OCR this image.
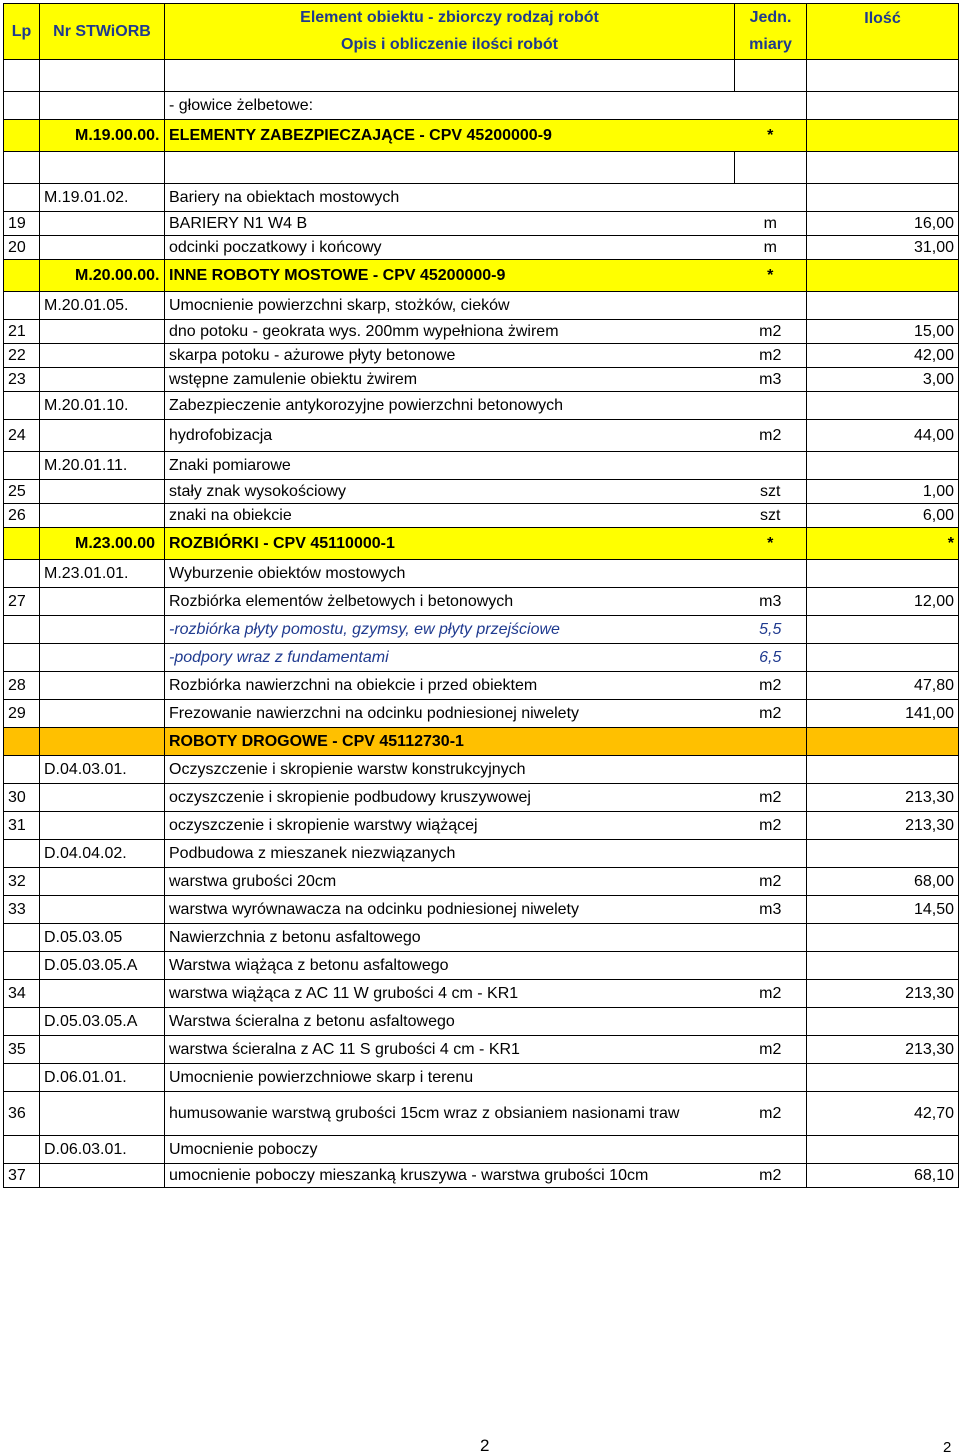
Lp	Nr STWiORB	Element obiektu - zbiorczy rodzaj robót	Jedn.	Ilość
		Opis i obliczenie ilości robót	miary	

		- głowice żelbetowe:		
	M.19.00.00.	ELEMENTY ZABEZPIECZAJĄCE - CPV 45200000-9	*	

	M.19.01.02.	Bariery na obiektach mostowych		
19		BARIERY N1 W4 B	m	16,00
20		odcinki poczatkowy i końcowy	m	31,00
	M.20.00.00.	INNE ROBOTY MOSTOWE - CPV 45200000-9	*	
	M.20.01.05.	Umocnienie powierzchni skarp, stożków, cieków		
21		dno potoku - geokrata wys. 200mm wypełniona żwirem	m2	15,00
22		skarpa potoku - ażurowe płyty betonowe	m2	42,00
23		wstępne zamulenie obiektu żwirem	m3	3,00
	M.20.01.10.	Zabezpieczenie antykorozyjne powierzchni betonowych		
24		hydrofobizacja	m2	44,00
	M.20.01.11.	Znaki pomiarowe		
25		stały znak wysokościowy	szt	1,00
26		znaki na obiekcie	szt	6,00
	M.23.00.00	ROZBIÓRKI - CPV 45110000-1	*	*
	M.23.01.01.	Wyburzenie obiektów mostowych		
27		Rozbiórka elementów żelbetowych i betonowych	m3	12,00
		-rozbiórka płyty pomostu, gzymsy, ew płyty przejściowe	5,5	
		-podpory wraz z fundamentami	6,5	
28		Rozbiórka nawierzchni na obiekcie i przed obiektem	m2	47,80
29		Frezowanie nawierzchni na odcinku podniesionej niwelety	m2	141,00
		ROBOTY DROGOWE - CPV 45112730-1		
	D.04.03.01.	Oczyszczenie i skropienie warstw konstrukcyjnych		
30		oczyszczenie i skropienie podbudowy kruszywowej	m2	213,30
31		oczyszczenie i skropienie warstwy wiążącej	m2	213,30
	D.04.04.02.	Podbudowa z mieszanek niezwiązanych		
32		warstwa grubości 20cm	m2	68,00
33		warstwa wyrównawacza na odcinku podniesionej niwelety	m3	14,50
	D.05.03.05	Nawierzchnia z betonu asfaltowego		
	D.05.03.05.A	Warstwa wiążąca z betonu asfaltowego		
34		warstwa wiążąca z AC 11 W grubości 4 cm - KR1	m2	213,30
	D.05.03.05.A	Warstwa ścieralna z betonu asfaltowego		
35		warstwa ścieralna z AC 11 S grubości 4 cm - KR1	m2	213,30
	D.06.01.01.	Umocnienie powierzchniowe skarp i terenu		
36		humusowanie warstwą grubości 15cm wraz z obsianiem nasionami traw	m2	42,70
	D.06.03.01.	Umocnienie poboczy		
37		umocnienie poboczy mieszanką kruszywa - warstwa grubości 10cm	m2	68,10
2	2
